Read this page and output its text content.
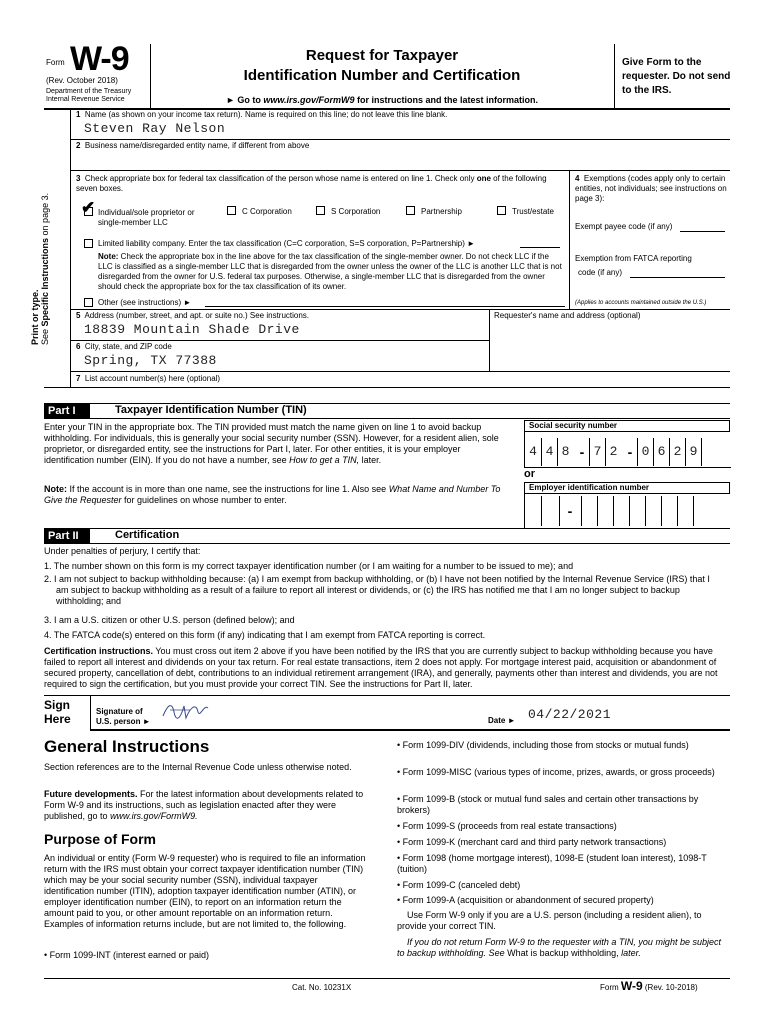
Form W-9
(Rev. October 2018)
Department of the Treasury
Internal Revenue Service
Request for Taxpayer
Identification Number and Certification
► Go to www.irs.gov/FormW9 for instructions and the latest information.
Give Form to the requester. Do not send to the IRS.
Print or type. See Specific Instructions on page 3.
1 Name (as shown on your income tax return). Name is required on this line; do not leave this line blank.
Steven Ray Nelson
2 Business name/disregarded entity name, if different from above
3 Check appropriate box for federal tax classification of the person whose name is entered on line 1. Check only one of the following seven boxes.
✔ Individual/sole proprietor or single-member LLC
C Corporation	S Corporation	Partnership	Trust/estate
Limited liability company. Enter the tax classification (C=C corporation, S=S corporation, P=Partnership) ►
Note: Check the appropriate box in the line above for the tax classification of the single-member owner. Do not check LLC if the LLC is classified as a single-member LLC that is disregarded from the owner unless the owner of the LLC is another LLC that is not disregarded from the owner for U.S. federal tax purposes. Otherwise, a single-member LLC that is disregarded from the owner should check the appropriate box for the tax classification of its owner.
Other (see instructions) ►
4 Exemptions (codes apply only to certain entities, not individuals; see instructions on page 3):
Exempt payee code (if any)
Exemption from FATCA reporting
code (if any)
(Applies to accounts maintained outside the U.S.)
5 Address (number, street, and apt. or suite no.) See instructions.
18839 Mountain Shade Drive
Requester's name and address (optional)
6 City, state, and ZIP code
Spring, TX 77388
7 List account number(s) here (optional)
Part I	Taxpayer Identification Number (TIN)
Enter your TIN in the appropriate box. The TIN provided must match the name given on line 1 to avoid backup withholding. For individuals, this is generally your social security number (SSN). However, for a resident alien, sole proprietor, or disregarded entity, see the instructions for Part I, later. For other entities, it is your employer identification number (EIN). If you do not have a number, see How to get a TIN, later.
Note: If the account is in more than one name, see the instructions for line 1. Also see What Name and Number To Give the Requester for guidelines on whose number to enter.
Social security number
4 4 8 - 7 2 - 0 6 2 9
or
Employer identification number
-
Part II	Certification
Under penalties of perjury, I certify that:
1. The number shown on this form is my correct taxpayer identification number (or I am waiting for a number to be issued to me); and
2. I am not subject to backup withholding because: (a) I am exempt from backup withholding, or (b) I have not been notified by the Internal Revenue Service (IRS) that I am subject to backup withholding as a result of a failure to report all interest or dividends, or (c) the IRS has notified me that I am no longer subject to backup withholding; and
3. I am a U.S. citizen or other U.S. person (defined below); and
4. The FATCA code(s) entered on this form (if any) indicating that I am exempt from FATCA reporting is correct.
Certification instructions. You must cross out item 2 above if you have been notified by the IRS that you are currently subject to backup withholding because you have failed to report all interest and dividends on your tax return. For real estate transactions, item 2 does not apply. For mortgage interest paid, acquisition or abandonment of secured property, cancellation of debt, contributions to an individual retirement arrangement (IRA), and generally, payments other than interest and dividends, you are not required to sign the certification, but you must provide your correct TIN. See the instructions for Part II, later.
Sign
Here
Signature of
U.S. person ►	Date ► 04/22/2021
General Instructions
Section references are to the Internal Revenue Code unless otherwise noted.
Future developments. For the latest information about developments related to Form W-9 and its instructions, such as legislation enacted after they were published, go to www.irs.gov/FormW9.
Purpose of Form
An individual or entity (Form W-9 requester) who is required to file an information return with the IRS must obtain your correct taxpayer identification number (TIN) which may be your social security number (SSN), individual taxpayer identification number (ITIN), adoption taxpayer identification number (ATIN), or employer identification number (EIN), to report on an information return the amount paid to you, or other amount reportable on an information return. Examples of information returns include, but are not limited to, the following.
• Form 1099-INT (interest earned or paid)
• Form 1099-DIV (dividends, including those from stocks or mutual funds)
• Form 1099-MISC (various types of income, prizes, awards, or gross proceeds)
• Form 1099-B (stock or mutual fund sales and certain other transactions by brokers)
• Form 1099-S (proceeds from real estate transactions)
• Form 1099-K (merchant card and third party network transactions)
• Form 1098 (home mortgage interest), 1098-E (student loan interest), 1098-T (tuition)
• Form 1099-C (canceled debt)
• Form 1099-A (acquisition or abandonment of secured property)
Use Form W-9 only if you are a U.S. person (including a resident alien), to provide your correct TIN.
If you do not return Form W-9 to the requester with a TIN, you might be subject to backup withholding. See What is backup withholding, later.
Cat. No. 10231X	Form W-9 (Rev. 10-2018)
